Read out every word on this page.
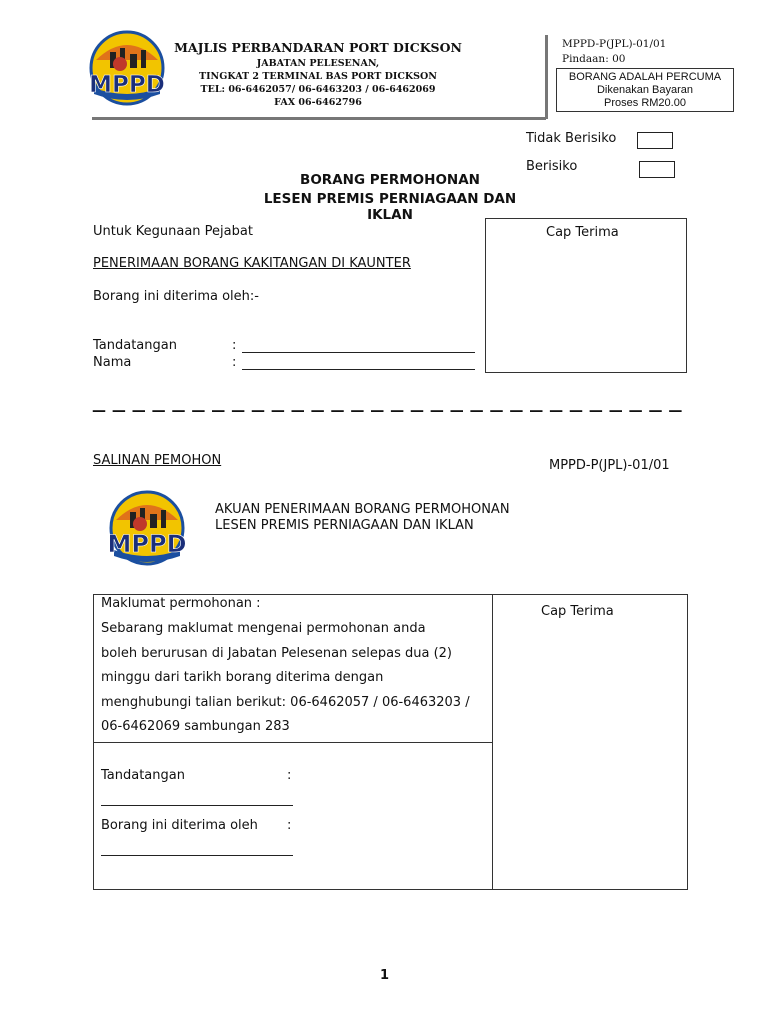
MPPD
MAJLIS PERBANDARAN PORT DICKSON
JABATAN PELESENAN,
TINGKAT 2 TERMINAL BAS PORT DICKSON
TEL: 06-6462057/ 06-6463203 / 06-6462069
FAX 06-6462796
MPPD-P(JPL)-01/01
Pindaan: 00
BORANG ADALAH PERCUMA
Dikenakan Bayaran
Proses RM20.00
Tidak Berisiko
Berisiko
BORANG PERMOHONAN
LESEN PREMIS PERNIAGAAN DAN IKLAN
Untuk Kegunaan Pejabat
PENERIMAAN BORANG KAKITANGAN DI KAUNTER
Borang ini diterima oleh:-
Tandatangan	:
Nama	:
Cap Terima
— — — — — — — — — — — — — — — — — — — — — — — — — — — — — —
SALINAN PEMOHON	MPPD-P(JPL)-01/01
MPPD
AKUAN PENERIMAAN BORANG PERMOHONAN
LESEN PREMIS PERNIAGAAN DAN IKLAN
Maklumat permohonan :
Sebarang maklumat mengenai permohonan anda
boleh berurusan di Jabatan Pelesenan selepas dua (2)
minggu dari tarikh borang diterima dengan
menghubungi talian berikut: 06-6462057 / 06-6463203 /
06-6462069 sambungan 283
Cap Terima
Tandatangan	:
Borang ini diterima oleh :
1
